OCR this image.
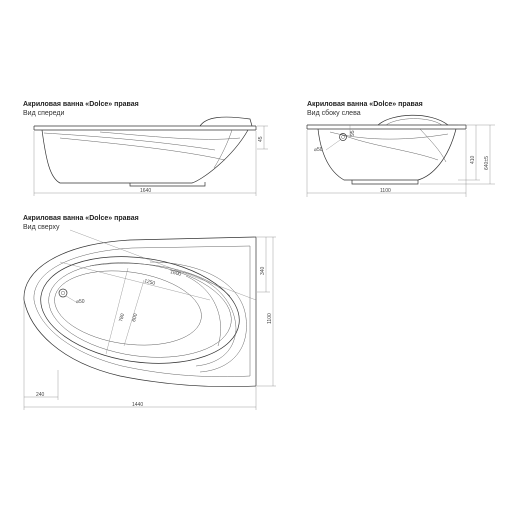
Акриловая ванна «Dolce» правая
Вид спереди
Акриловая ванна «Dolce» правая
Вид сбоку слева
Акриловая ванна «Dolce» правая
Вид сверху
1640
45
⌀50
95
1100
410 640±5
⌀50
1600
1250
780 600
340
1100
240
1440
